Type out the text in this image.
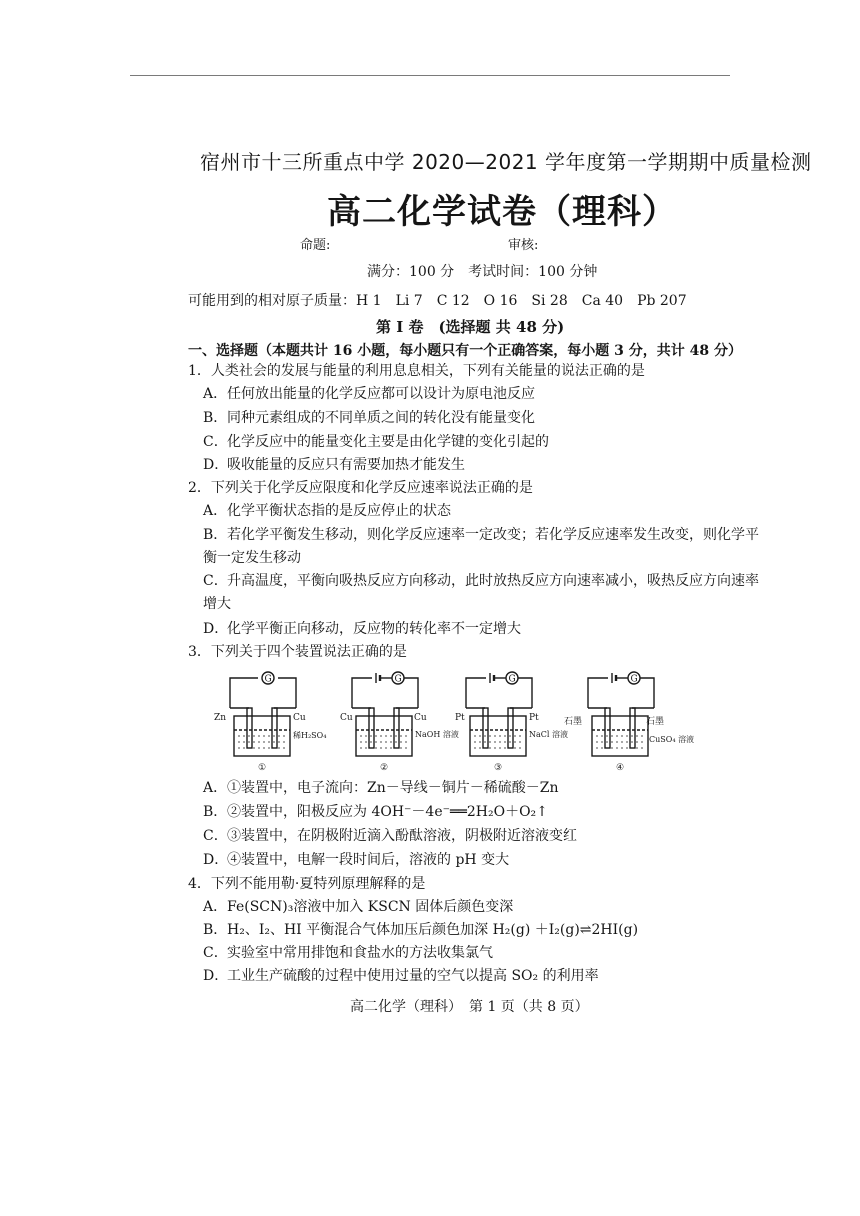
宿州市十三所重点中学 2020—2021 学年度第一学期期中质量检测
高二化学试卷（理科）
命题:	审核:
满分：100 分　考试时间：100 分钟
可能用到的相对原子质量：H 1　Li 7　C 12　O 16　Si 28　Ca 40　Pb 207
第 I 卷　(选择题 共 48 分)
一、选择题（本题共计 16 小题，每小题只有一个正确答案，每小题 3 分，共计 48 分）
1．人类社会的发展与能量的利用息息相关，下列有关能量的说法正确的是
A．任何放出能量的化学反应都可以设计为原电池反应
B．同种元素组成的不同单质之间的转化没有能量变化
C．化学反应中的能量变化主要是由化学键的变化引起的
D．吸收能量的反应只有需要加热才能发生
2．下列关于化学反应限度和化学反应速率说法正确的是
A．化学平衡状态指的是反应停止的状态
B．若化学平衡发生移动，则化学反应速率一定改变；若化学反应速率发生改变，则化学平衡一定发生移动
C．升高温度，平衡向吸热反应方向移动，此时放热反应方向速率减小，吸热反应方向速率增大
D．化学平衡正向移动，反应物的转化率不一定增大
3．下列关于四个装置说法正确的是
G	G	G	G
Zn	Cu
稀H₂SO₄
①
Cu	Cu
NaOH 溶液
②
Pt	Pt
NaCl 溶液
③
石墨	石墨
CuSO₄ 溶液
④
A．①装置中，电子流向：Zn－导线－铜片－稀硫酸－Zn
B．②装置中，阳极反应为 4OH⁻－4e⁻══2H₂O＋O₂↑
C．③装置中，在阴极附近滴入酚酞溶液，阴极附近溶液变红
D．④装置中，电解一段时间后，溶液的 pH 变大
4．下列不能用勒·夏特列原理解释的是
A．Fe(SCN)₃溶液中加入 KSCN 固体后颜色变深
B．H₂、I₂、HI 平衡混合气体加压后颜色加深 H₂(g) ＋I₂(g)⇌2HI(g)
C．实验室中常用排饱和食盐水的方法收集氯气
D．工业生产硫酸的过程中使用过量的空气以提高 SO₂ 的利用率
高二化学（理科）　第 1 页（共 8 页）
